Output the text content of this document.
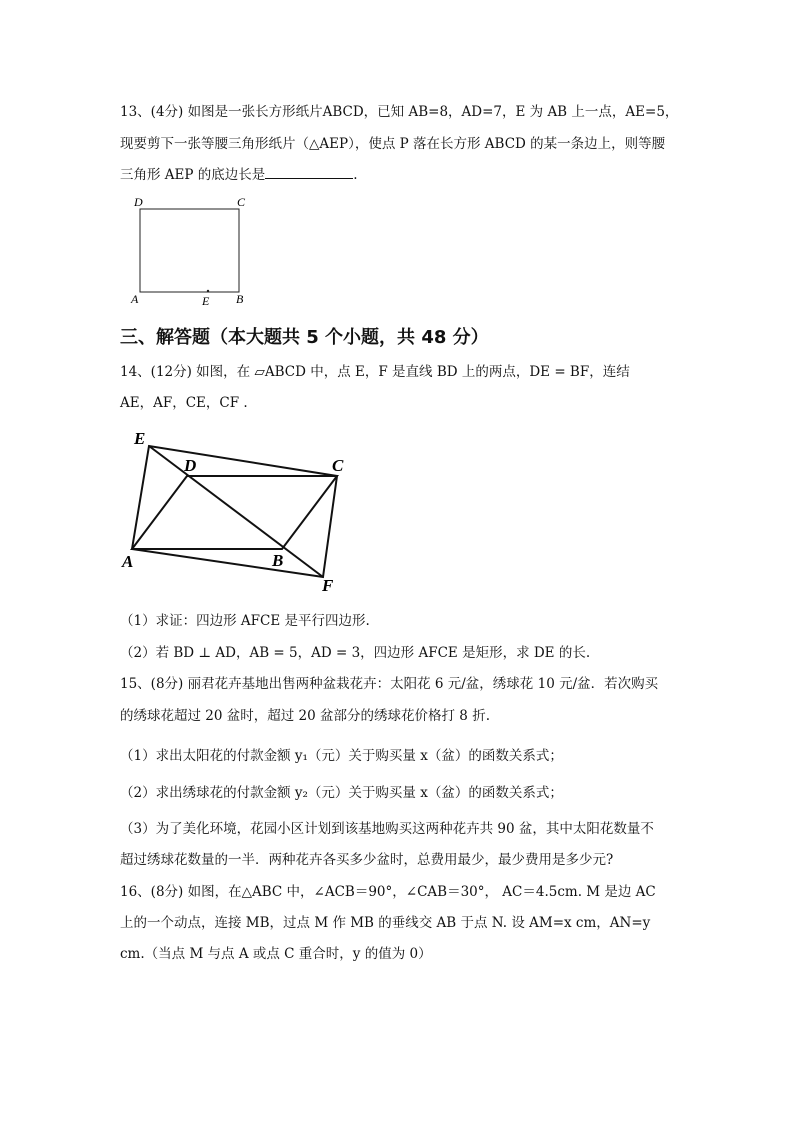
13、(4分) 如图是一张长方形纸片ABCD，已知 AB=8，AD=7，E 为 AB 上一点，AE=5，
现要剪下一张等腰三角形纸片（△AEP），使点 P 落在长方形 ABCD 的某一条边上，则等腰
三角形 AEP 的底边长是	.
D	C
A	E B
三、解答题（本大题共 5 个小题，共 48 分）
14、(12分) 如图，在 ▱ABCD 中，点 E，F 是直线 BD 上的两点，DE = BF，连结
AE，AF，CE，CF .
E
D	C
A	B
F
（1）求证：四边形 AFCE 是平行四边形.
（2）若 BD ⊥ AD，AB = 5，AD = 3，四边形 AFCE 是矩形，求 DE 的长.
15、(8分) 丽君花卉基地出售两种盆栽花卉：太阳花 6 元/盆，绣球花 10 元/盆．若次购买
的绣球花超过 20 盆时，超过 20 盆部分的绣球花价格打 8 折.
（1）求出太阳花的付款金额 y₁（元）关于购买量 x（盆）的函数关系式；
（2）求出绣球花的付款金额 y₂（元）关于购买量 x（盆）的函数关系式；
（3）为了美化环境，花园小区计划到该基地购买这两种花卉共 90 盆，其中太阳花数量不
超过绣球花数量的一半．两种花卉各买多少盆时，总费用最少，最少费用是多少元?
16、(8分) 如图，在△ABC 中，∠ACB＝90°，∠CAB＝30°， AC＝4.5cm. M 是边 AC
上的一个动点，连接 MB，过点 M 作 MB 的垂线交 AB 于点 N. 设 AM=x cm，AN=y
cm.（当点 M 与点 A 或点 C 重合时，y 的值为 0）
